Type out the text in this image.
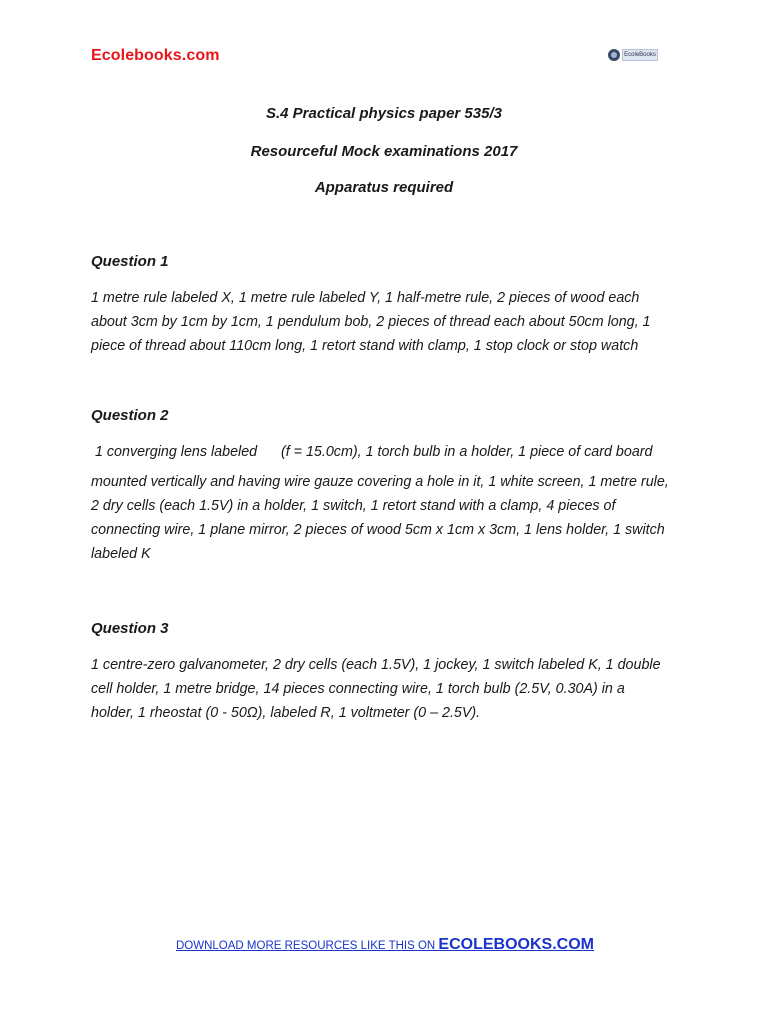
Ecolebooks.com	EcoleBooks
S.4 Practical physics paper 535/3
Resourceful Mock examinations 2017
Apparatus required
Question 1
1 metre rule labeled X, 1 metre rule labeled Y, 1 half-metre rule, 2 pieces of wood each
about 3cm by 1cm by 1cm, 1 pendulum bob, 2 pieces of thread each about 50cm long, 1
piece of thread about 110cm long, 1 retort stand with clamp, 1 stop clock or stop watch
Question 2
1 converging lens labeled      (f = 15.0cm), 1 torch bulb in a holder, 1 piece of card board
mounted vertically and having wire gauze covering a hole in it, 1 white screen, 1 metre rule,
2 dry cells (each 1.5V) in a holder, 1 switch, 1 retort stand with a clamp, 4 pieces of
connecting wire, 1 plane mirror, 2 pieces of wood 5cm x 1cm x 3cm, 1 lens holder, 1 switch
labeled K
Question 3
1 centre-zero galvanometer, 2 dry cells (each 1.5V), 1 jockey, 1 switch labeled K, 1 double
cell holder, 1 metre bridge, 14 pieces connecting wire, 1 torch bulb (2.5V, 0.30A) in a
holder, 1 rheostat (0 - 50Ω), labeled R, 1 voltmeter (0 – 2.5V).
DOWNLOAD MORE RESOURCES LIKE THIS ON ECOLEBOOKS.COM
